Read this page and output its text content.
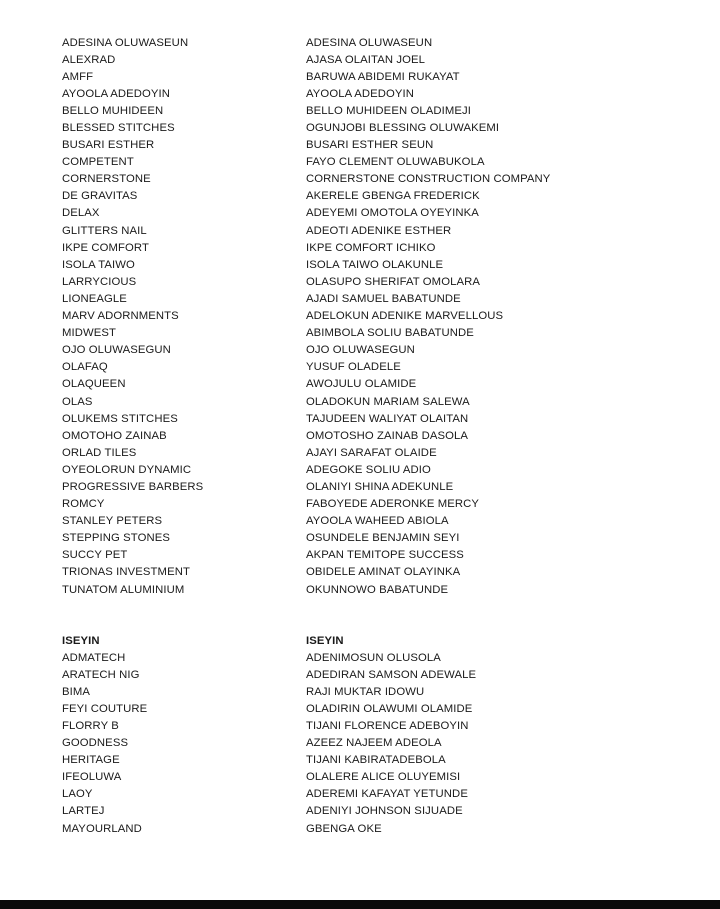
ADESINA OLUWASEUN	ADESINA OLUWASEUN
ALEXRAD	AJASA OLAITAN JOEL
AMFF	BARUWA ABIDEMI RUKAYAT
AYOOLA ADEDOYIN	AYOOLA ADEDOYIN
BELLO MUHIDEEN	BELLO MUHIDEEN OLADIMEJI
BLESSED STITCHES	OGUNJOBI BLESSING OLUWAKEMI
BUSARI ESTHER	BUSARI ESTHER SEUN
COMPETENT	FAYO CLEMENT OLUWABUKOLA
CORNERSTONE	CORNERSTONE CONSTRUCTION COMPANY
DE GRAVITAS	AKERELE GBENGA FREDERICK
DELAX	ADEYEMI OMOTOLA OYEYINKA
GLITTERS NAIL	ADEOTI ADENIKE ESTHER
IKPE COMFORT	IKPE COMFORT ICHIKO
ISOLA TAIWO	ISOLA TAIWO OLAKUNLE
LARRYCIOUS	OLASUPO SHERIFAT OMOLARA
LIONEAGLE	AJADI SAMUEL BABATUNDE
MARV ADORNMENTS	ADELOKUN ADENIKE MARVELLOUS
MIDWEST	ABIMBOLA SOLIU BABATUNDE
OJO OLUWASEGUN	OJO OLUWASEGUN
OLAFAQ	YUSUF OLADELE
OLAQUEEN	AWOJULU OLAMIDE
OLAS	OLADOKUN MARIAM SALEWA
OLUKEMS STITCHES	TAJUDEEN WALIYAT OLAITAN
OMOTOHO ZAINAB	OMOTOSHO ZAINAB DASOLA
ORLAD TILES	AJAYI SARAFAT OLAIDE
OYEOLORUN DYNAMIC	ADEGOKE SOLIU ADIO
PROGRESSIVE BARBERS	OLANIYI SHINA ADEKUNLE
ROMCY	FABOYEDE ADERONKE MERCY
STANLEY PETERS	AYOOLA WAHEED ABIOLA
STEPPING STONES	OSUNDELE BENJAMIN SEYI
SUCCY PET	AKPAN TEMITOPE SUCCESS
TRIONAS INVESTMENT	OBIDELE AMINAT OLAYINKA
TUNATOM ALUMINIUM	OKUNNOWO BABATUNDE
ISEYIN	ISEYIN
ADMATECH	ADENIMOSUN OLUSOLA
ARATECH NIG	ADEDIRAN SAMSON ADEWALE
BIMA	RAJI MUKTAR IDOWU
FEYI COUTURE	OLADIRIN OLAWUMI OLAMIDE
FLORRY B	TIJANI FLORENCE ADEBOYIN
GOODNESS	AZEEZ NAJEEM ADEOLA
HERITAGE	TIJANI KABIRATADEBOLA
IFEOLUWA	OLALERE ALICE OLUYEMISI
LAOY	ADEREMI KAFAYAT YETUNDE
LARTEJ	ADENIYI JOHNSON SIJUADE
MAYOURLAND	GBENGA OKE
